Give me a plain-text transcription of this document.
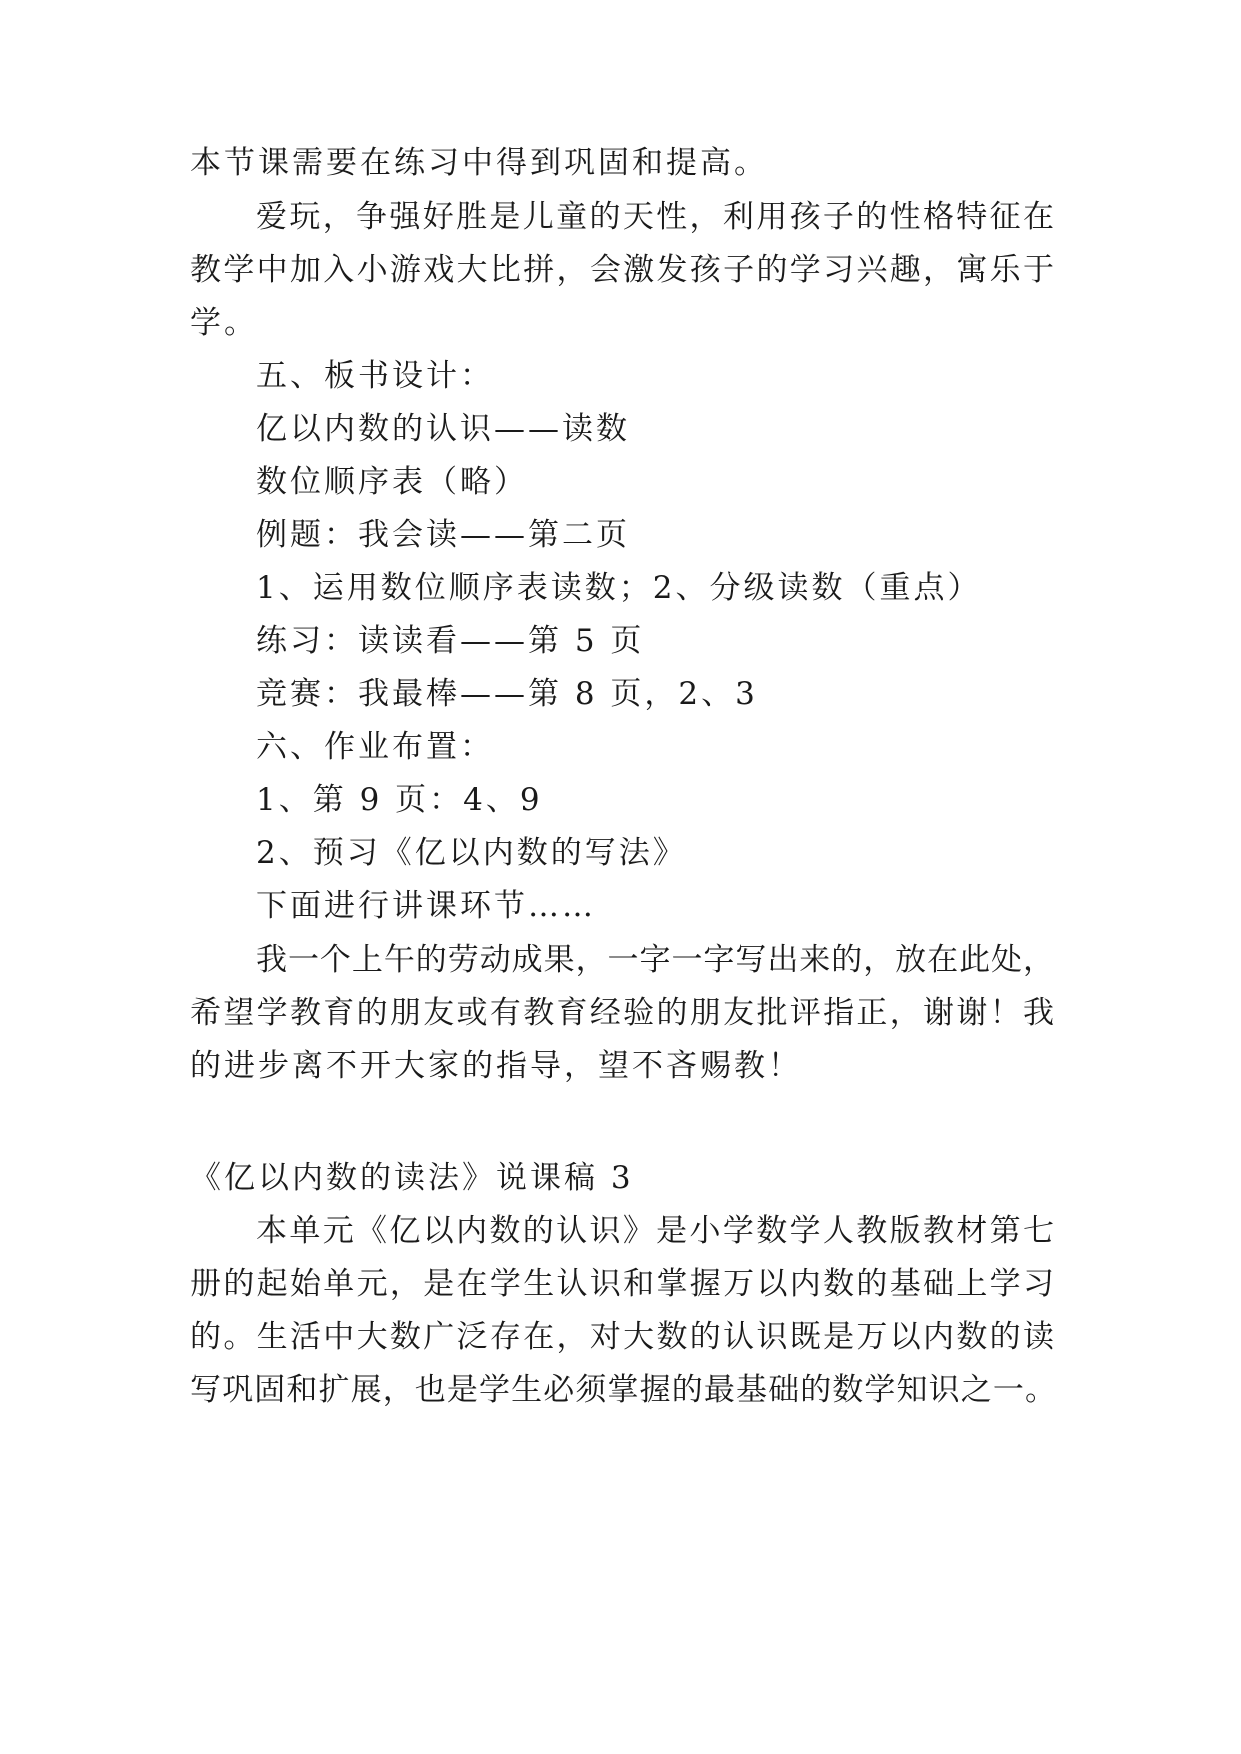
本节课需要在练习中得到巩固和提高。

爱玩，争强好胜是儿童的天性，利用孩子的性格特征在

教学中加入小游戏大比拼，会激发孩子的学习兴趣，寓乐于

学。

五、板书设计：

亿以内数的认识——读数

数位顺序表（略）

例题：我会读——第二页

1、运用数位顺序表读数；2、分级读数（重点）

练习：读读看——第 5 页

竞赛：我最棒——第 8 页，2、3

六、作业布置：

1、第 9 页：4、9

2、预习《亿以内数的写法》

下面进行讲课环节……

我一个上午的劳动成果，一字一字写出来的，放在此处，

希望学教育的朋友或有教育经验的朋友批评指正，谢谢！我

的进步离不开大家的指导，望不吝赐教！

《亿以内数的读法》说课稿 3

本单元《亿以内数的认识》是小学数学人教版教材第七

册的起始单元，是在学生认识和掌握万以内数的基础上学习

的。生活中大数广泛存在，对大数的认识既是万以内数的读

写巩固和扩展，也是学生必须掌握的最基础的数学知识之一。
